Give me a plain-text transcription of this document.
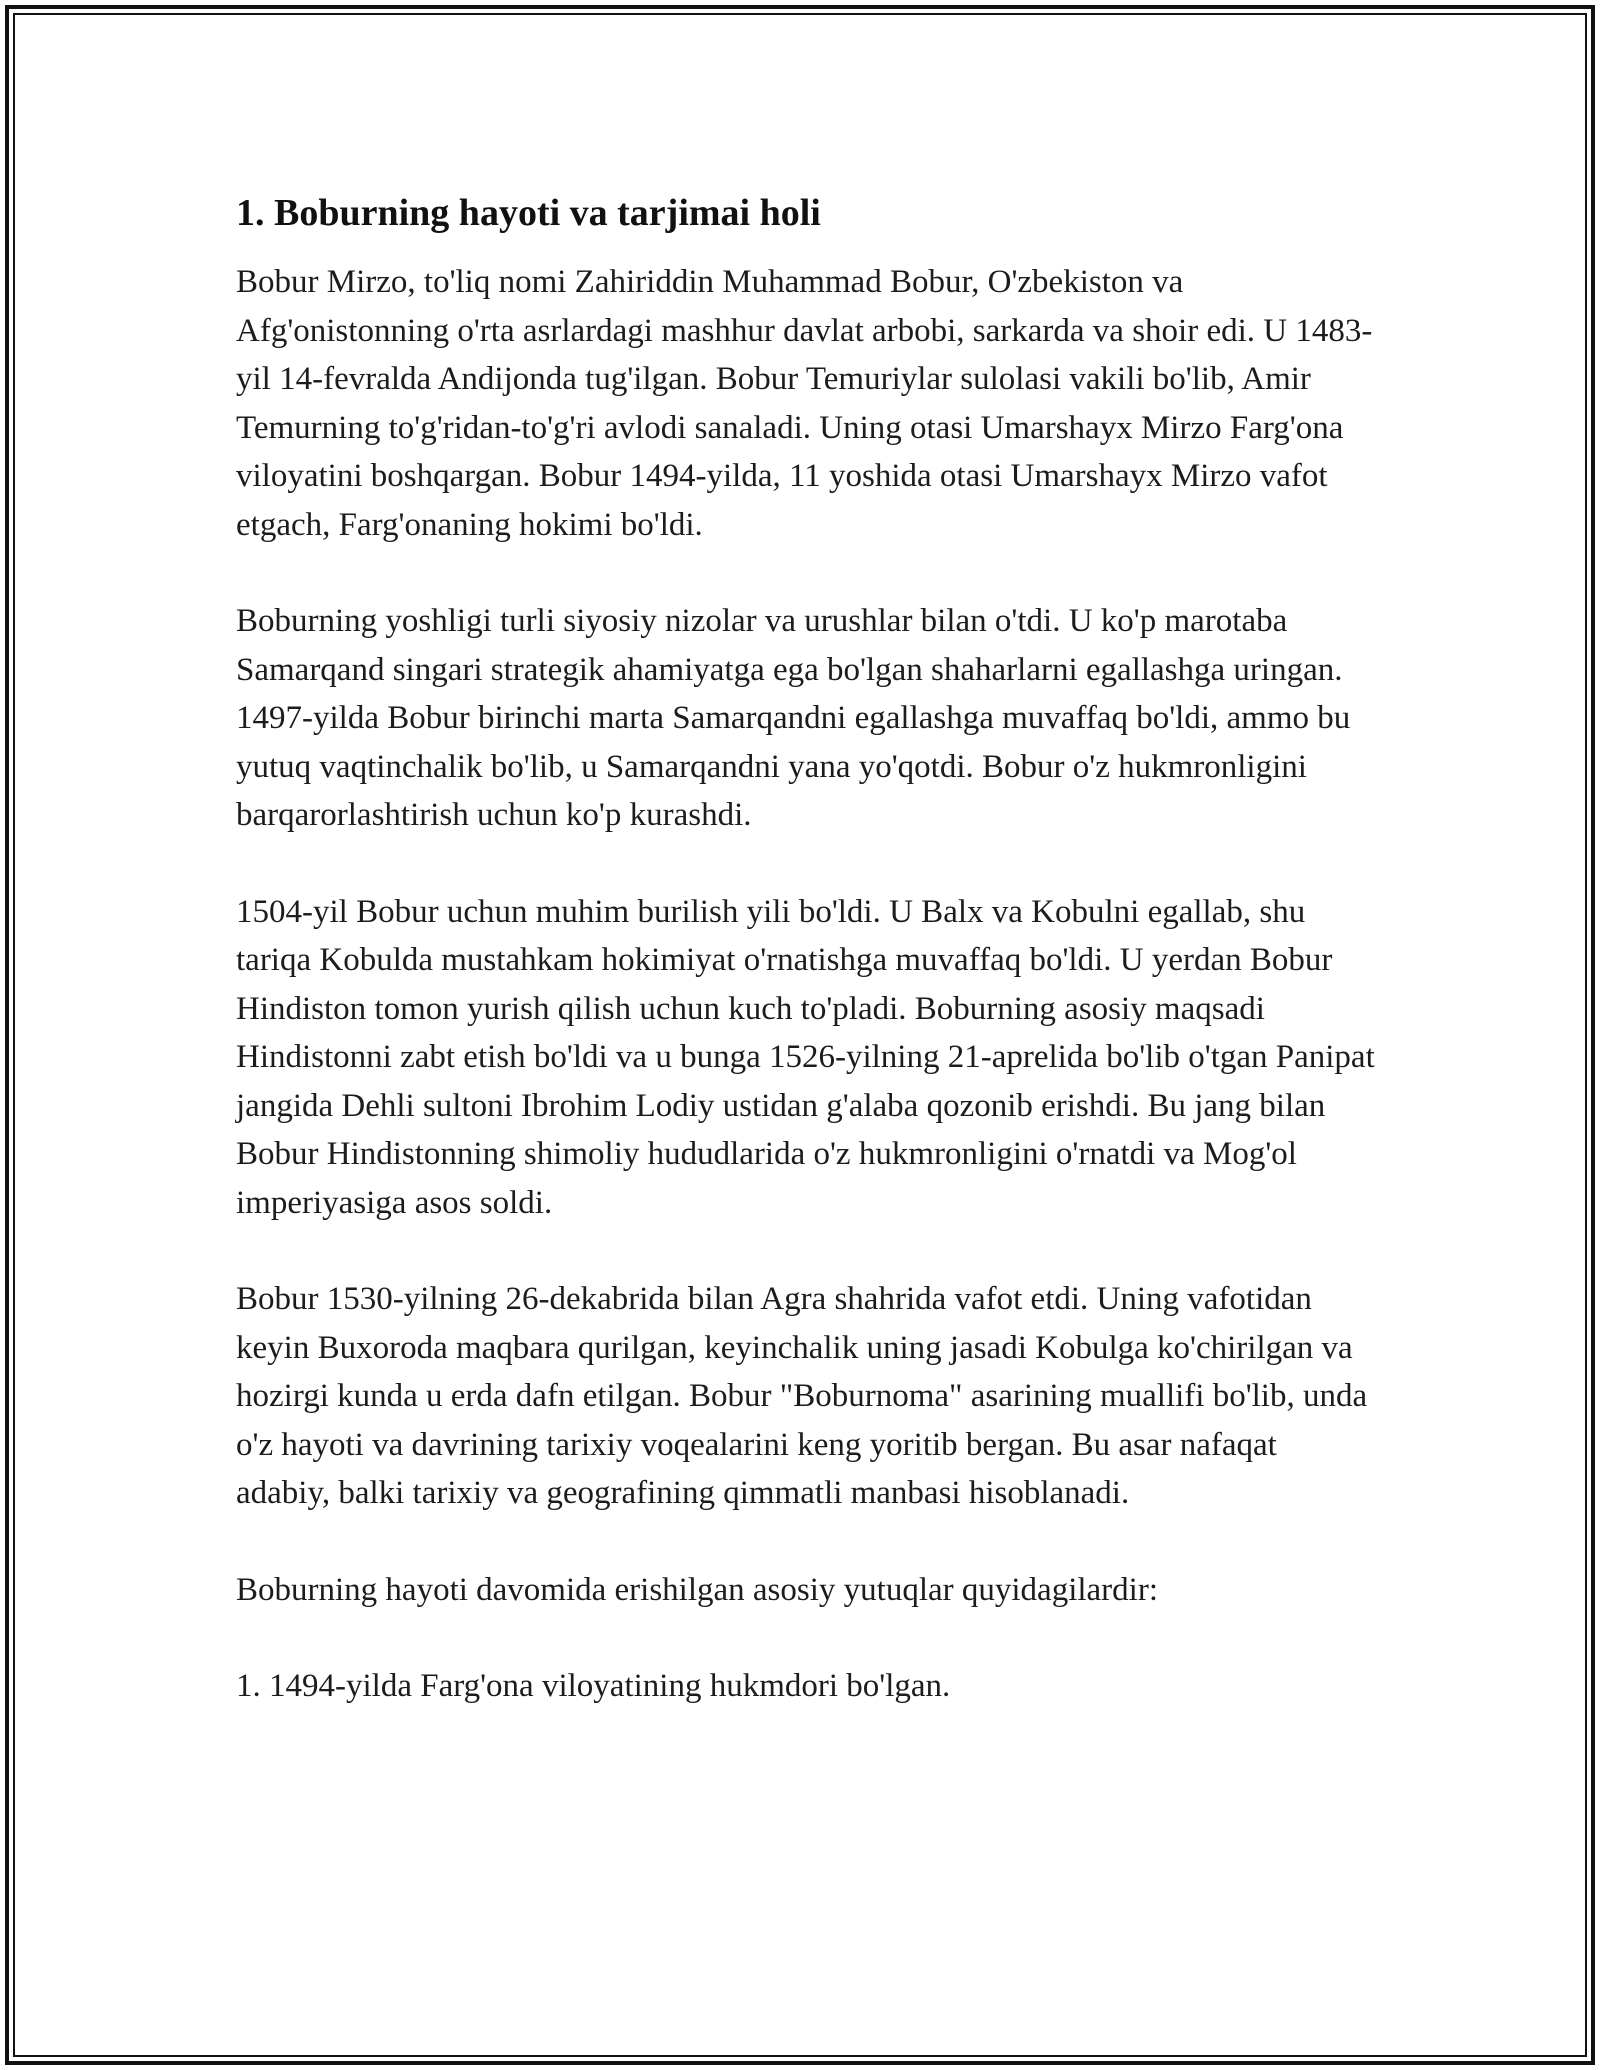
1. Boburning hayoti va tarjimai holi

Bobur Mirzo, to'liq nomi Zahiriddin Muhammad Bobur, O'zbekiston va Afg'onistonning o'rta asrlardagi mashhur davlat arbobi, sarkarda va shoir edi. U 1483-yil 14-fevralda Andijonda tug'ilgan. Bobur Temuriylar sulolasi vakili bo'lib, Amir Temurning to'g'ridan-to'g'ri avlodi sanaladi. Uning otasi Umarshayx Mirzo Farg'ona viloyatini boshqargan. Bobur 1494-yilda, 11 yoshida otasi Umarshayx Mirzo vafot etgach, Farg'onaning hokimi bo'ldi.

Boburning yoshligi turli siyosiy nizolar va urushlar bilan o'tdi. U ko'p marotaba Samarqand singari strategik ahamiyatga ega bo'lgan shaharlarni egallashga uringan. 1497-yilda Bobur birinchi marta Samarqandni egallashga muvaffaq bo'ldi, ammo bu yutuq vaqtinchalik bo'lib, u Samarqandni yana yo'qotdi. Bobur o'z hukmronligini barqarorlashtirish uchun ko'p kurashdi.

1504-yil Bobur uchun muhim burilish yili bo'ldi. U Balx va Kobulni egallab, shu tariqa Kobulda mustahkam hokimiyat o'rnatishga muvaffaq bo'ldi. U yerdan Bobur Hindiston tomon yurish qilish uchun kuch to'pladi. Boburning asosiy maqsadi Hindistonni zabt etish bo'ldi va u bunga 1526-yilning 21-aprelida bo'lib o'tgan Panipat jangida Dehli sultoni Ibrohim Lodiy ustidan g'alaba qozonib erishdi. Bu jang bilan Bobur Hindistonning shimoliy hududlarida o'z hukmronligini o'rnatdi va Mog'ol imperiyasiga asos soldi.

Bobur 1530-yilning 26-dekabrida bilan Agra shahrida vafot etdi. Uning vafotidan keyin Buxoroda maqbara qurilgan, keyinchalik uning jasadi Kobulga ko'chirilgan va hozirgi kunda u erda dafn etilgan. Bobur "Boburnoma" asarining muallifi bo'lib, unda o'z hayoti va davrining tarixiy voqealarini keng yoritib bergan. Bu asar nafaqat adabiy, balki tarixiy va geografining qimmatli manbasi hisoblanadi.

Boburning hayoti davomida erishilgan asosiy yutuqlar quyidagilardir:

1. 1494-yilda Farg'ona viloyatining hukmdori bo'lgan.
